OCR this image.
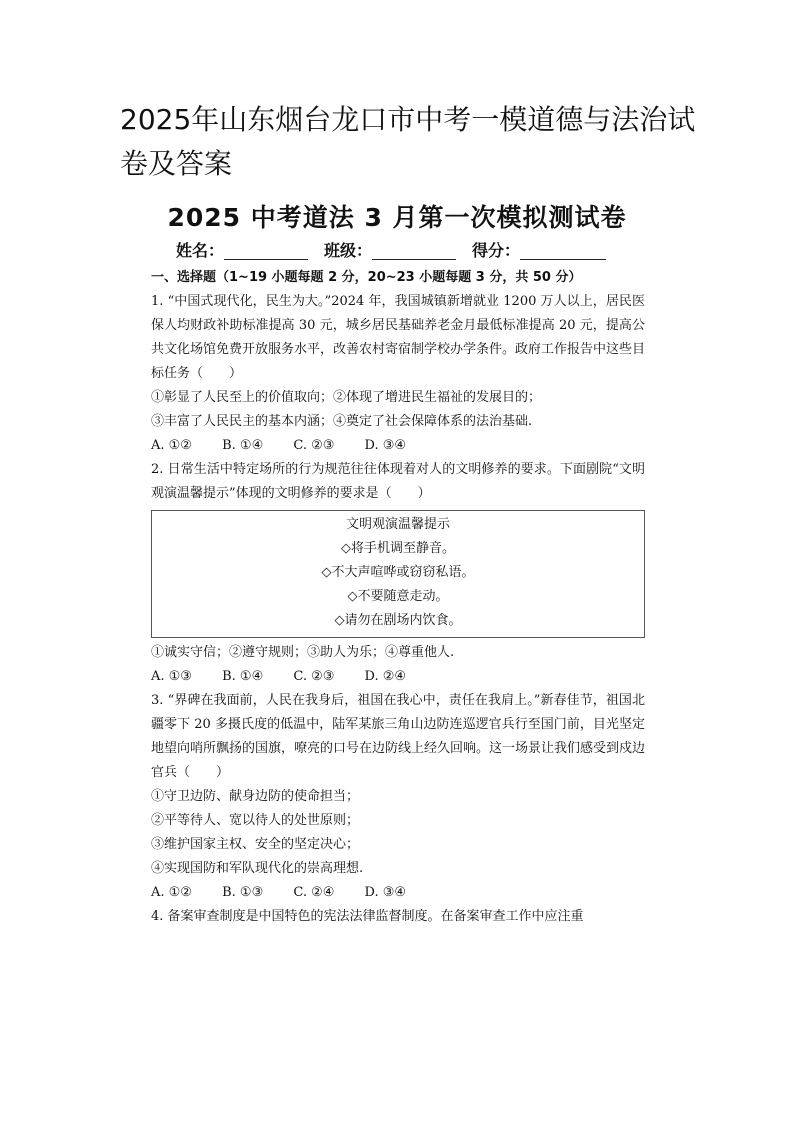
2025年山东烟台龙口市中考一模道德与法治试卷及答案
2025 中考道法 3 月第一次模拟测试卷
姓名：	班级：	得分：
一、选择题（1~19 小题每题 2 分，20~23 小题每题 3 分，共 50 分）

1. “中国式现代化，民生为大。”2024 年，我国城镇新增就业 1200 万人以上，居民医保人均财政补助标准提高 30 元，城乡居民基础养老金月最低标准提高 20 元，提高公共文化场馆免费开放服务水平，改善农村寄宿制学校办学条件。政府工作报告中这些目标任务（　　）

①彰显了人民至上的价值取向；②体现了增进民生福祉的发展目的；

③丰富了人民民主的基本内涵；④奠定了社会保障体系的法治基础.

A. ①②　　 B. ①④　　 C. ②③　　 D. ③④

2. 日常生活中特定场所的行为规范往往体现着对人的文明修养的要求。下面剧院“文明观演温馨提示”体现的文明修养的要求是（　　）

文明观演温馨提示
◇将手机调至静音。
◇不大声喧哗或窃窃私语。
◇不要随意走动。
◇请勿在剧场内饮食。

①诚实守信；②遵守规则；③助人为乐；④尊重他人.

A. ①③　　 B. ①④　　 C. ②③　　 D. ②④

3. “界碑在我面前，人民在我身后，祖国在我心中，责任在我肩上。”新春佳节，祖国北疆零下 20 多摄氏度的低温中，陆军某旅三角山边防连巡逻官兵行至国门前，目光坚定地望向哨所飘扬的国旗，嘹亮的口号在边防线上经久回响。这一场景让我们感受到戍边官兵（　　）

①守卫边防、献身边防的使命担当；

②平等待人、宽以待人的处世原则；

③维护国家主权、安全的坚定决心；

④实现国防和军队现代化的崇高理想.

A. ①②　　 B. ①③　　 C. ②④　　 D. ③④

4. 备案审查制度是中国特色的宪法法律监督制度。在备案审查工作中应注重
